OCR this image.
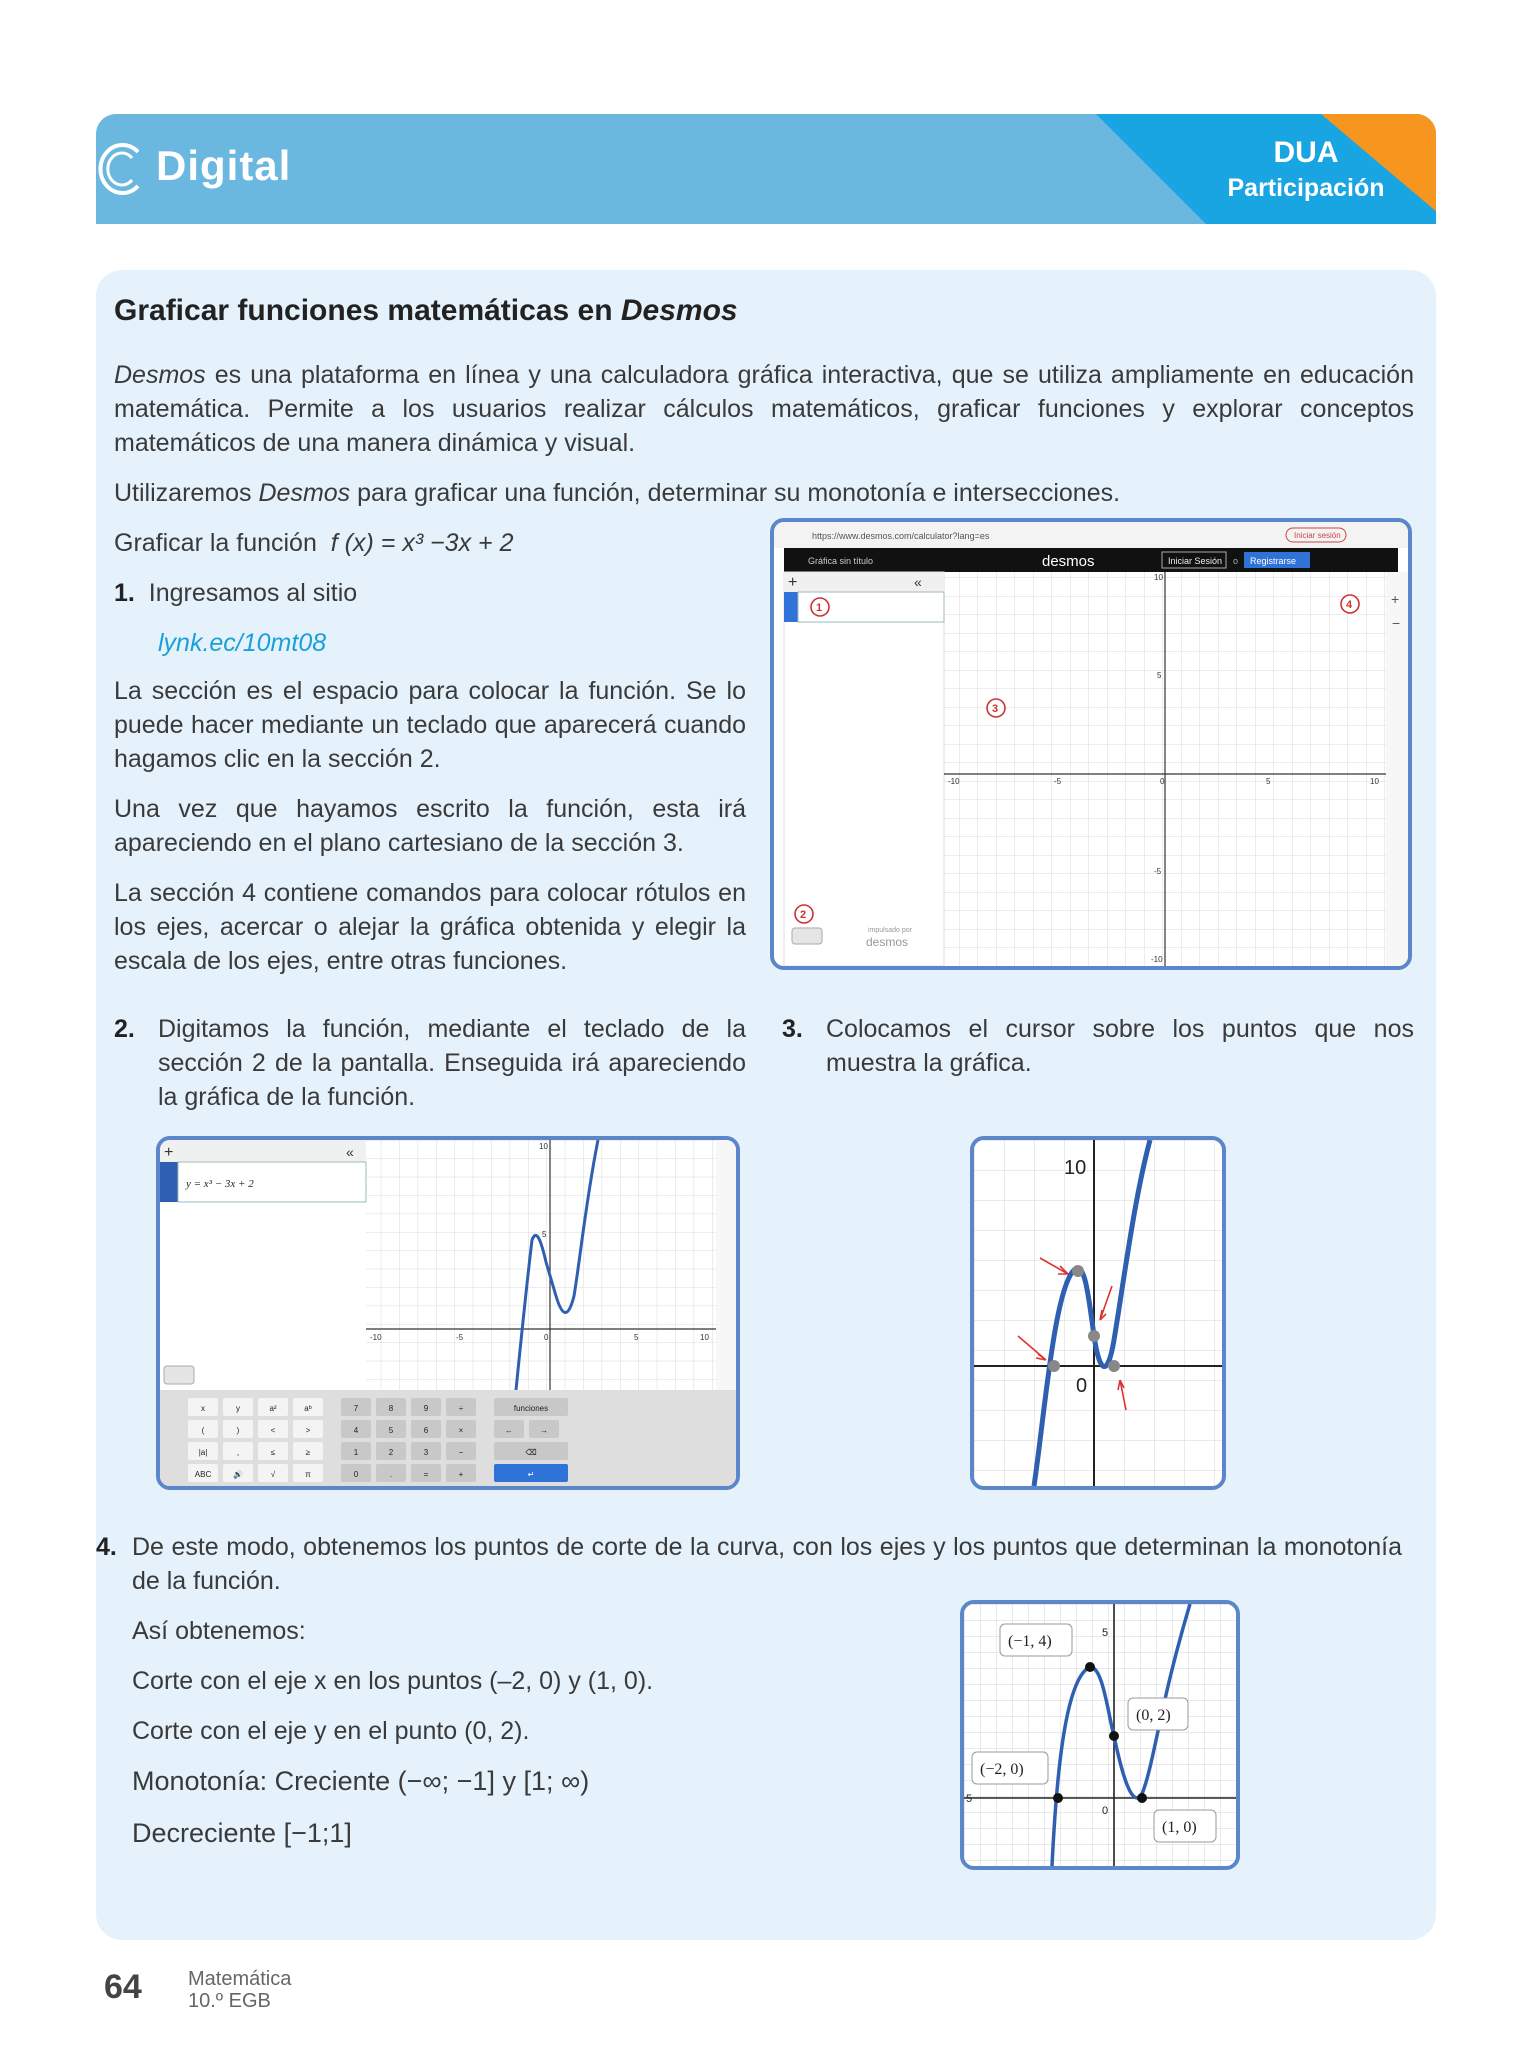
Digital	DUA
Participación
Graficar funciones matemáticas en Desmos
Desmos es una plataforma en línea y una calculadora gráfica interactiva, que se utiliza ampliamente en educación matemática. Permite a los usuarios realizar cálculos matemáticos, graficar funciones y explorar conceptos matemáticos de una manera dinámica y visual.
Utilizaremos Desmos para graficar una función, determinar su monotonía e intersecciones.
Graficar la función f (x) = x³ −3x + 2
1. Ingresamos al sitio
lynk.ec/10mt08
La sección es el espacio para colocar la función. Se lo puede hacer mediante un teclado que aparecerá cuando hagamos clic en la sección 2.
Una vez que hayamos escrito la función, esta irá apareciendo en el plano cartesiano de la sección 3.
La sección 4 contiene comandos para colocar rótulos en los ejes, acercar o alejar la gráfica obtenida y elegir la escala de los ejes, entre otras funciones.
https://www.desmos.com/calculator?lang=es	Iniciar sesión
Gráfica sin título	desmos	Iniciar Sesión o Registrarse
+	«
-10	-5	0	5	10
10
5
-5
-10
+
−
1
2
3
4
impulsado por
desmos
2. Digitamos la función, mediante el teclado de la sección 2 de la pantalla. Enseguida irá apareciendo la gráfica de la función.
3. Colocamos el cursor sobre los puntos que nos muestra la gráfica.
+	«
y = x³ − 3x + 2
-10	-5	0	5	10
10
5
x	y	a²	aᵇ	7	8	9	÷	funciones
(	)	<	>	4	5	6	×	←	→
|a|	,	≤	≥	1	2	3	−	⌫
ABC	🔊	√	π	0	.	=	+	↵
10
0
4. De este modo, obtenemos los puntos de corte de la curva, con los ejes y los puntos que determinan la monotonía de la función.
Así obtenemos:
Corte con el eje x en los puntos (–2, 0) y (1, 0).
Corte con el eje y en el punto (0, 2).
Monotonía: Creciente (−∞; −1] y [1; ∞)
Decreciente [−1;1]
5
0
5
(−1, 4)
(0, 2)
(−2, 0)
(1, 0)
64 Matemática
10.º EGB
